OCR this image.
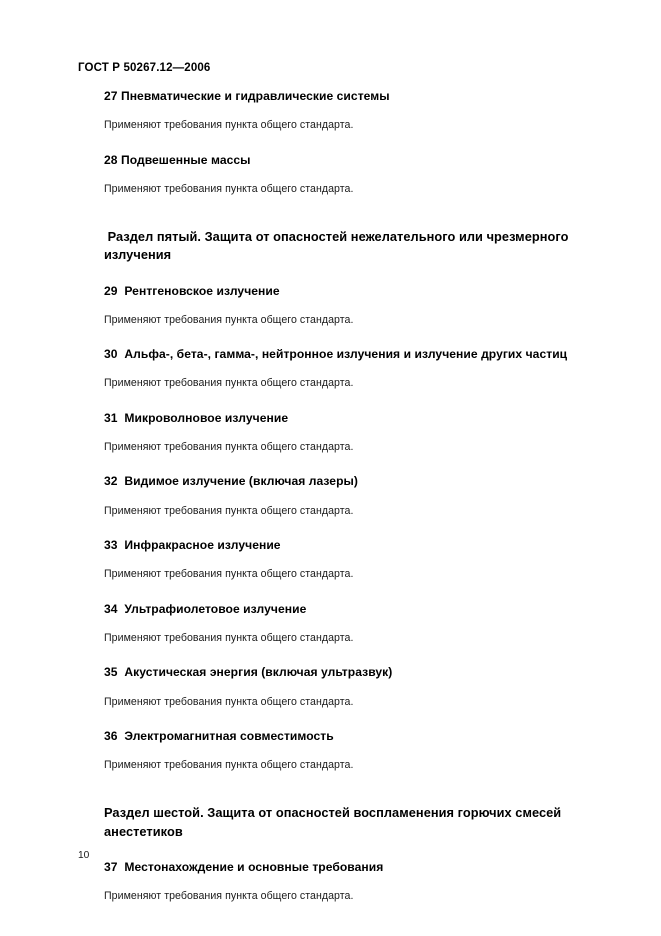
ГОСТ Р 50267.12—2006
27 Пневматические и гидравлические системы
Применяют требования пункта общего стандарта.
28 Подвешенные массы
Применяют требования пункта общего стандарта.
Раздел пятый. Защита от опасностей нежелательного или чрезмерного излучения
29  Рентгеновское излучение
Применяют требования пункта общего стандарта.
30  Альфа-, бета-, гамма-, нейтронное излучения и излучение других частиц
Применяют требования пункта общего стандарта.
31  Микроволновое излучение
Применяют требования пункта общего стандарта.
32  Видимое излучение (включая лазеры)
Применяют требования пункта общего стандарта.
33  Инфракрасное излучение
Применяют требования пункта общего стандарта.
34  Ультрафиолетовое излучение
Применяют требования пункта общего стандарта.
35  Акустическая энергия (включая ультразвук)
Применяют требования пункта общего стандарта.
36  Электромагнитная совместимость
Применяют требования пункта общего стандарта.
Раздел шестой. Защита от опасностей воспламенения горючих смесей анестетиков
37  Местонахождение и основные требования
Применяют требования пункта общего стандарта.
10
